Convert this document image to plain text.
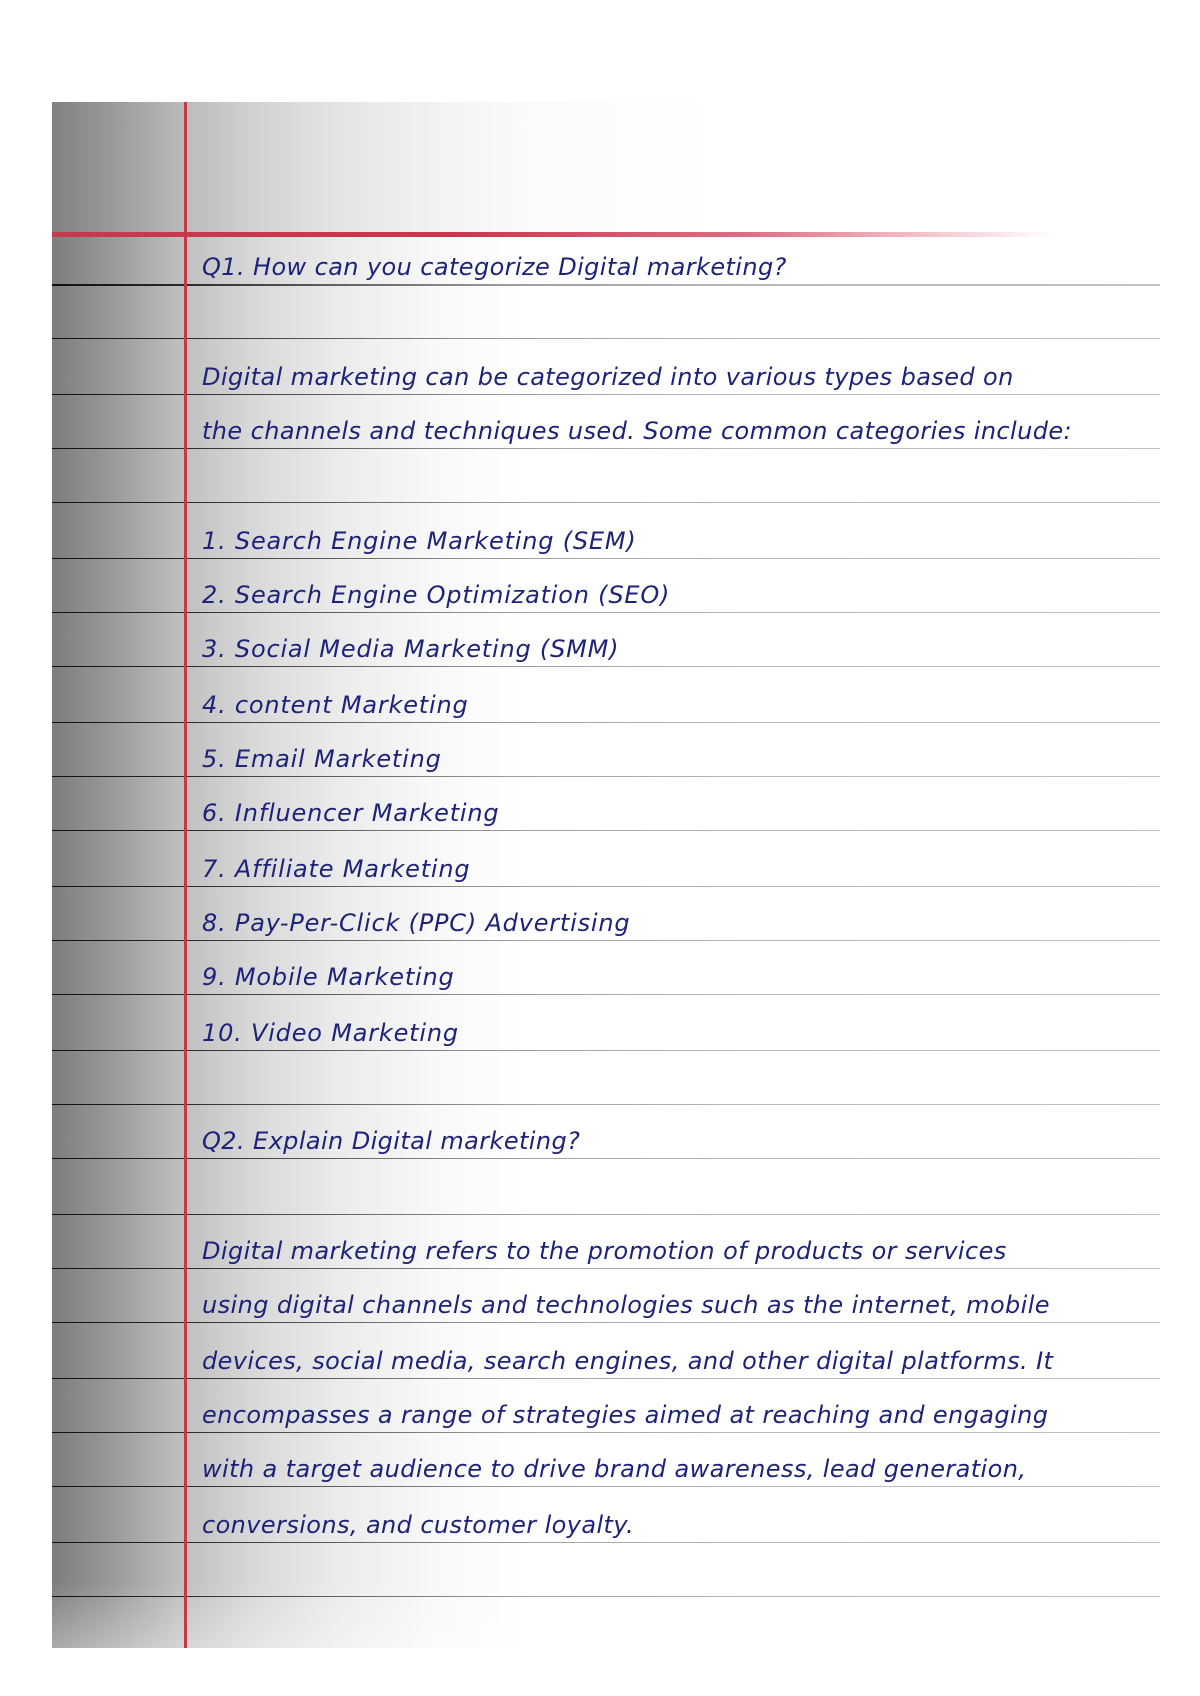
Q1. How can you categorize Digital marketing?
Digital marketing can be categorized into various types based on
the channels and techniques used. Some common categories include:
1. Search Engine Marketing (SEM)
2. Search Engine Optimization (SEO)
3. Social Media Marketing (SMM)
4. content Marketing
5. Email Marketing
6. Influencer Marketing
7. Affiliate Marketing
8. Pay-Per-Click (PPC) Advertising
9. Mobile Marketing
10. Video Marketing
Q2. Explain Digital marketing?
Digital marketing refers to the promotion of products or services
using digital channels and technologies such as the internet, mobile
devices, social media, search engines, and other digital platforms. It
encompasses a range of strategies aimed at reaching and engaging
with a target audience to drive brand awareness, lead generation,
conversions, and customer loyalty.
